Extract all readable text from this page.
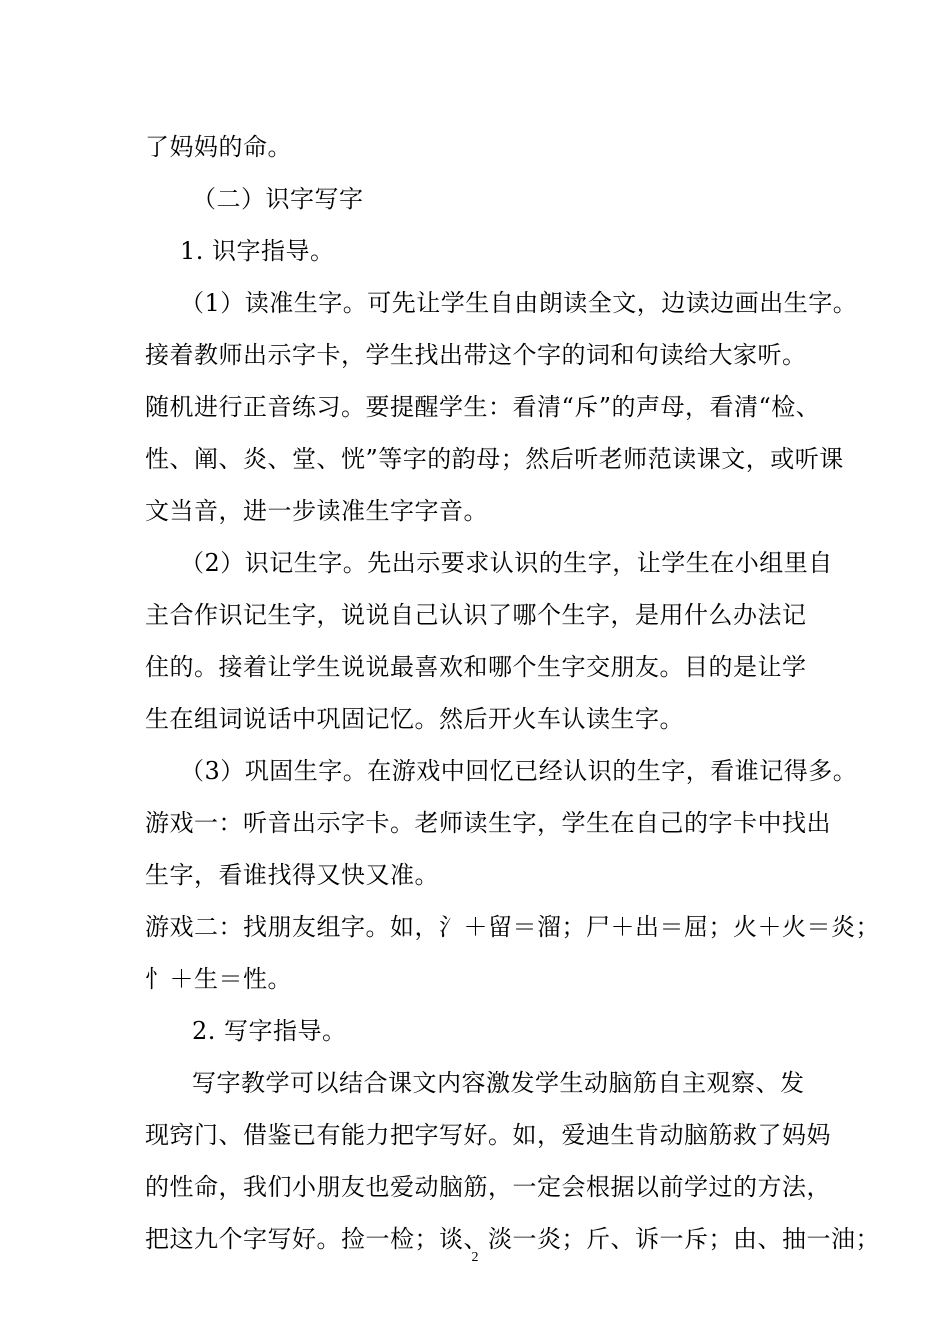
了妈妈的命。
（二）识字写字
1. 识字指导。
（1）读准生字。可先让学生自由朗读全文，边读边画出生字。
接着教师出示字卡，学生找出带这个字的词和句读给大家听。
随机进行正音练习。要提醒学生：看清“斥”的声母，看清“检、
性、阐、炎、堂、恍”等字的韵母；然后听老师范读课文，或听课
文当音，进一步读准生字字音。
（2）识记生字。先出示要求认识的生字，让学生在小组里自
主合作识记生字，说说自己认识了哪个生字，是用什么办法记
住的。接着让学生说说最喜欢和哪个生字交朋友。目的是让学
生在组词说话中巩固记忆。然后开火车认读生字。
（3）巩固生字。在游戏中回忆已经认识的生字，看谁记得多。
游戏一：听音出示字卡。老师读生字，学生在自己的字卡中找出
生字，看谁找得又快又准。
游戏二：找朋友组字。如，氵＋留＝溜；尸＋出＝屈；火＋火＝炎；
忄＋生＝性。
2. 写字指导。
写字教学可以结合课文内容激发学生动脑筋自主观察、发
现窍门、借鉴已有能力把字写好。如，爱迪生肯动脑筋救了妈妈
的性命，我们小朋友也爱动脑筋，一定会根据以前学过的方法，
把这九个字写好。捡一检；谈、淡一炎；斤、诉一斥；由、抽一油；
2
